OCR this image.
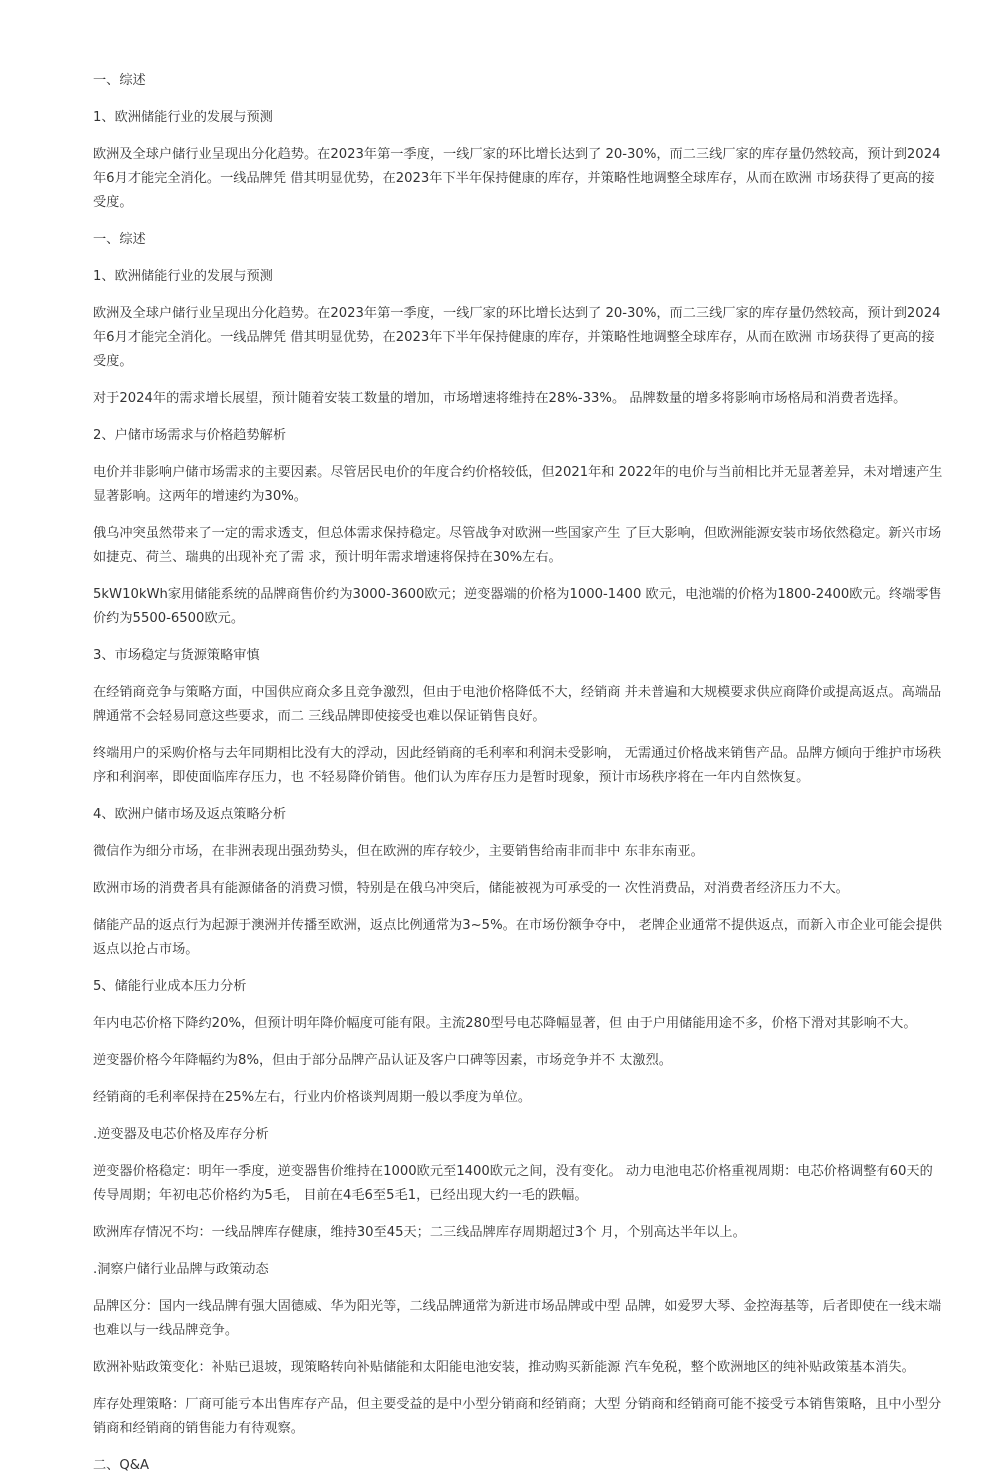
一、综述

1、欧洲储能行业的发展与预测

欧洲及全球户储行业呈现出分化趋势。在2023年第一季度，一线厂家的环比增长达到了 20-30%，而二三线厂家的库存量仍然较高，预计到2024年6月才能完全消化。一线品牌凭 借其明显优势，在2023年下半年保持健康的库存，并策略性地调整全球库存，从而在欧洲 市场获得了更高的接受度。

一、综述

1、欧洲储能行业的发展与预测

欧洲及全球户储行业呈现出分化趋势。在2023年第一季度，一线厂家的环比增长达到了 20-30%，而二三线厂家的库存量仍然较高，预计到2024年6月才能完全消化。一线品牌凭 借其明显优势，在2023年下半年保持健康的库存，并策略性地调整全球库存，从而在欧洲 市场获得了更高的接受度。

对于2024年的需求增长展望，预计随着安装工数量的增加，市场增速将维持在28%-33%。 品牌数量的增多将影响市场格局和消费者选择。

2、户储市场需求与价格趋势解析

电价并非影响户储市场需求的主要因素。尽管居民电价的年度合约价格较低，但2021年和 2022年的电价与当前相比并无显著差异，未对增速产生显著影响。这两年的增速约为30%。

俄乌冲突虽然带来了一定的需求透支，但总体需求保持稳定。尽管战争对欧洲一些国家产生 了巨大影响，但欧洲能源安装市场依然稳定。新兴市场如捷克、荷兰、瑞典的出现补充了需 求，预计明年需求增速将保持在30%左右。

5kW10kWh家用储能系统的品牌商售价约为3000-3600欧元；逆变器端的价格为1000-1400 欧元，电池端的价格为1800-2400欧元。终端零售价约为5500-6500欧元。

3、市场稳定与货源策略审慎

在经销商竞争与策略方面，中国供应商众多且竞争激烈，但由于电池价格降低不大，经销商 并未普遍和大规模要求供应商降价或提高返点。高端品牌通常不会轻易同意这些要求，而二 三线品牌即使接受也难以保证销售良好。

终端用户的采购价格与去年同期相比没有大的浮动，因此经销商的毛利率和利润未受影响， 无需通过价格战来销售产品。品牌方倾向于维护市场秩序和利润率，即使面临库存压力，也 不轻易降价销售。他们认为库存压力是暂时现象，预计市场秩序将在一年内自然恢复。

4、欧洲户储市场及返点策略分析

微信作为细分市场，在非洲表现出强劲势头，但在欧洲的库存较少，主要销售给南非而非中 东非东南亚。

欧洲市场的消费者具有能源储备的消费习惯，特别是在俄乌冲突后，储能被视为可承受的一 次性消费品，对消费者经济压力不大。

储能产品的返点行为起源于澳洲并传播至欧洲，返点比例通常为3~5%。在市场份额争夺中， 老牌企业通常不提供返点，而新入市企业可能会提供返点以抢占市场。

5、储能行业成本压力分析

年内电芯价格下降约20%，但预计明年降价幅度可能有限。主流280型号电芯降幅显著，但 由于户用储能用途不多，价格下滑对其影响不大。

逆变器价格今年降幅约为8%，但由于部分品牌产品认证及客户口碑等因素，市场竞争并不 太激烈。

经销商的毛利率保持在25%左右，行业内价格谈判周期一般以季度为单位。

.逆变器及电芯价格及库存分析

逆变器价格稳定：明年一季度，逆变器售价维持在1000欧元至1400欧元之间，没有变化。 动力电池电芯价格重视周期：电芯价格调整有60天的传导周期；年初电芯价格约为5毛， 目前在4毛6至5毛1，已经出现大约一毛的跌幅。

欧洲库存情况不均：一线品牌库存健康，维持30至45天；二三线品牌库存周期超过3个 月，个别高达半年以上。

.洞察户储行业品牌与政策动态

品牌区分：国内一线品牌有强大固德威、华为阳光等，二线品牌通常为新进市场品牌或中型 品牌，如爱罗大琴、金控海基等，后者即使在一线末端也难以与一线品牌竞争。

欧洲补贴政策变化：补贴已退坡，现策略转向补贴储能和太阳能电池安装，推动购买新能源 汽车免税，整个欧洲地区的纯补贴政策基本消失。

库存处理策略：厂商可能亏本出售库存产品，但主要受益的是中小型分销商和经销商；大型 分销商和经销商可能不接受亏本销售策略，且中小型分销商和经销商的销售能力有待观察。

二、Q&A
